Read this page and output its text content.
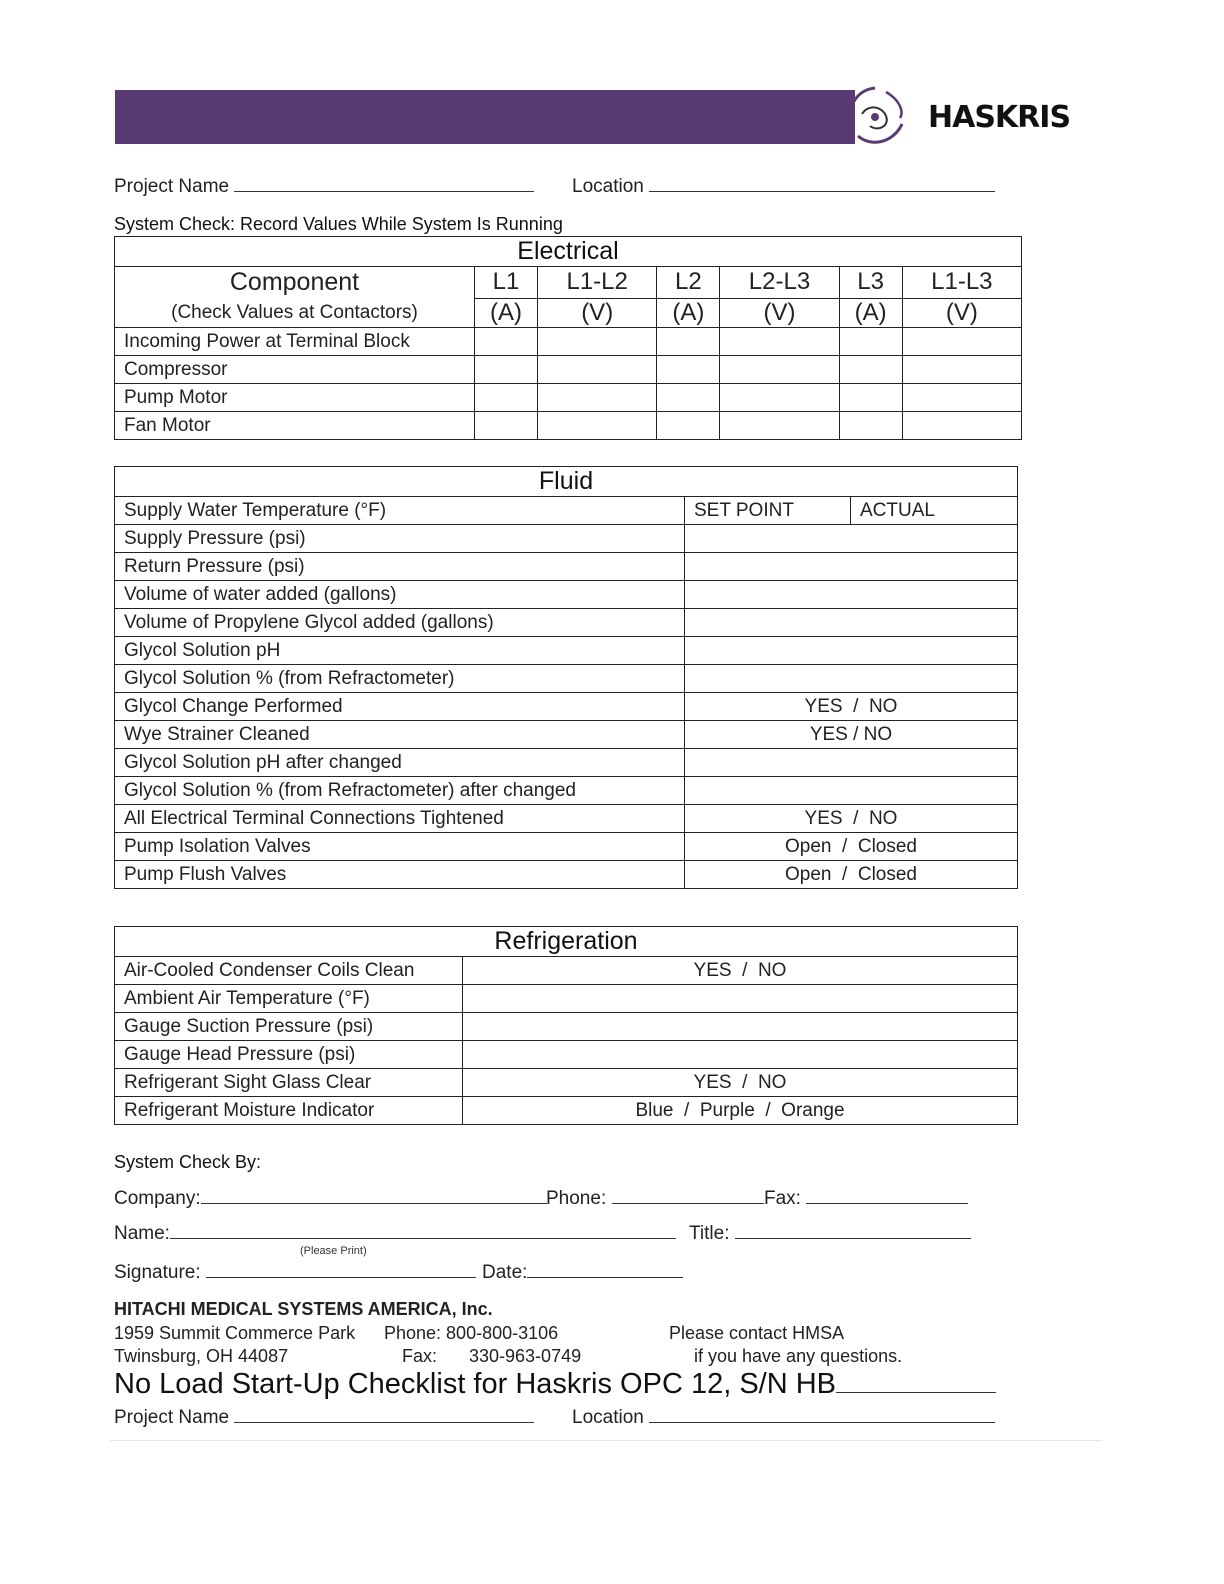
HASKRIS
Project Name	Location
System Check: Record Values While System Is Running
Electrical						
Component	L1	L1-L2	L2	L2-L3	L3	L1-L3
(Check Values at Contactors)	(A)	(V)	(A)	(V)	(A)	(V)
Incoming Power at Terminal Block						
Compressor						
Pump Motor						
Fan Motor						
Fluid		
Supply Water Temperature (°F)	SET POINT	ACTUAL
Supply Pressure (psi)		
Return Pressure (psi)		
Volume of water added (gallons)		
Volume of Propylene Glycol added (gallons)		
Glycol Solution pH		
Glycol Solution % (from Refractometer)		
Glycol Change Performed	YES  /  NO	
Wye Strainer Cleaned	YES / NO	
Glycol Solution pH after changed		
Glycol Solution % (from Refractometer) after changed		
All Electrical Terminal Connections Tightened	YES  /  NO	
Pump Isolation Valves	Open  /  Closed	
Pump Flush Valves	Open  /  Closed	
Refrigeration	
Air-Cooled Condenser Coils Clean	YES  /  NO
Ambient Air Temperature (°F)	
Gauge Suction Pressure (psi)	
Gauge Head Pressure (psi)	
Refrigerant Sight Glass Clear	YES  /  NO
Refrigerant Moisture Indicator	Blue  /  Purple  /  Orange
System Check By:
Company:	Phone:	Fax:
Name:	Title:
(Please Print)
Signature:	Date:
HITACHI MEDICAL SYSTEMS AMERICA, Inc.
1959 Summit Commerce Park
Twinsburg, OH 44087
Phone: 800-800-3106
Fax: 330-963-0749
Please contact HMSA
if you have any questions.
No Load Start-Up Checklist for Haskris OPC 12, S/N HB
Project Name	Location
